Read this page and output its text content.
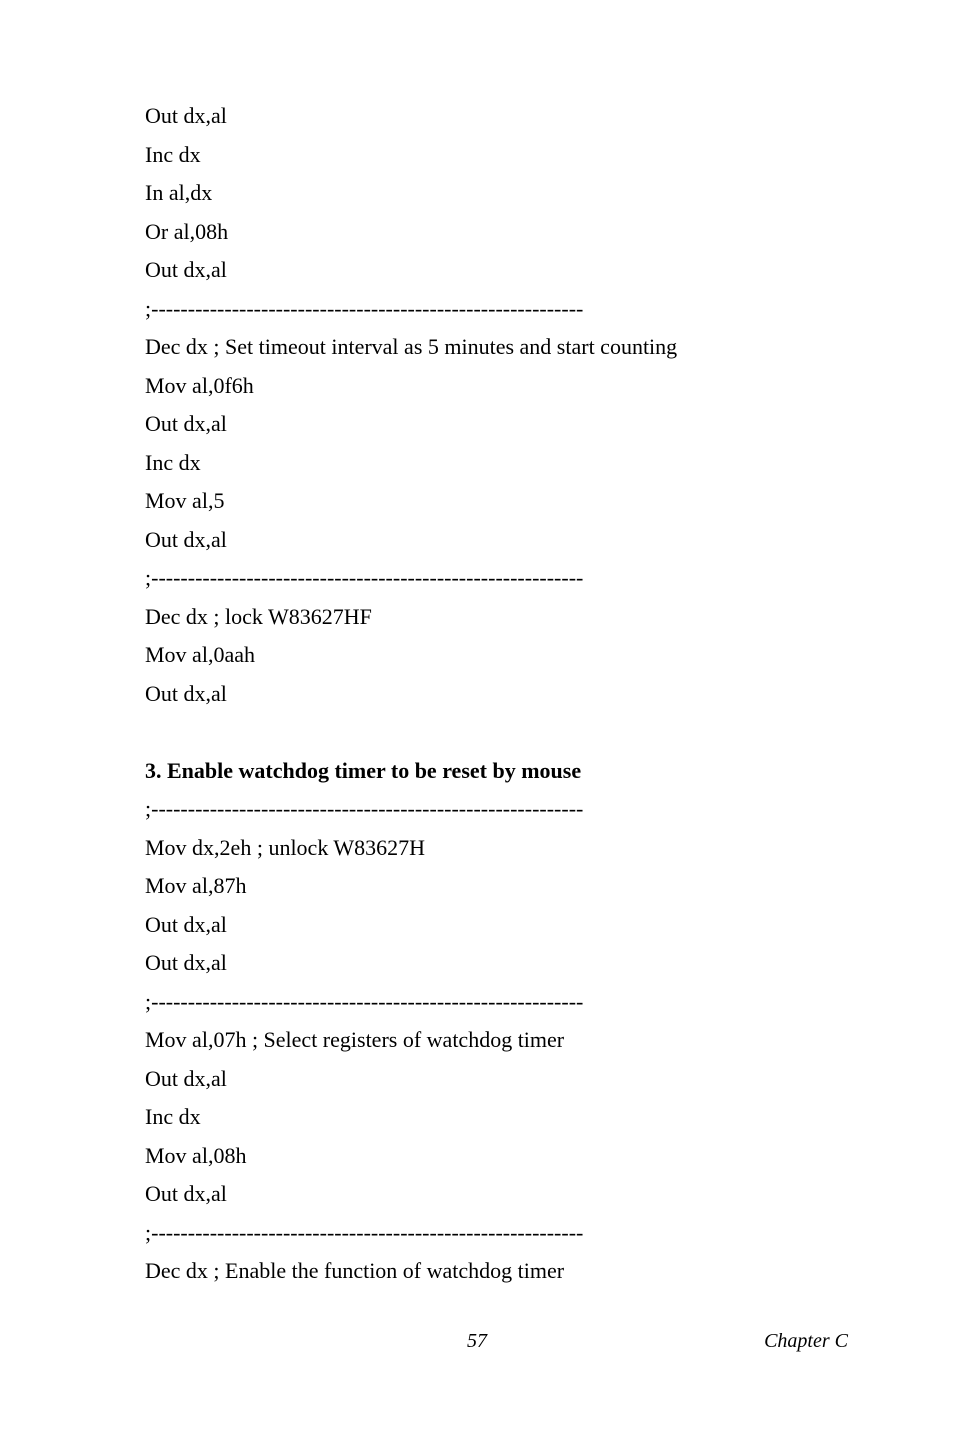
Out dx,al
Inc dx
In al,dx
Or al,08h
Out dx,al
;-----------------------------------------------------------
Dec dx ; Set timeout interval as 5 minutes and start counting
Mov al,0f6h
Out dx,al
Inc dx
Mov al,5
Out dx,al
;-----------------------------------------------------------
Dec dx ; lock W83627HF
Mov al,0aah
Out dx,al
3. Enable watchdog timer to be reset by mouse
;-----------------------------------------------------------
Mov dx,2eh ; unlock W83627H
Mov al,87h
Out dx,al
Out dx,al
;-----------------------------------------------------------
Mov al,07h ; Select registers of watchdog timer
Out dx,al
Inc dx
Mov al,08h
Out dx,al
;-----------------------------------------------------------
Dec dx ; Enable the function of watchdog timer
57	Chapter C
